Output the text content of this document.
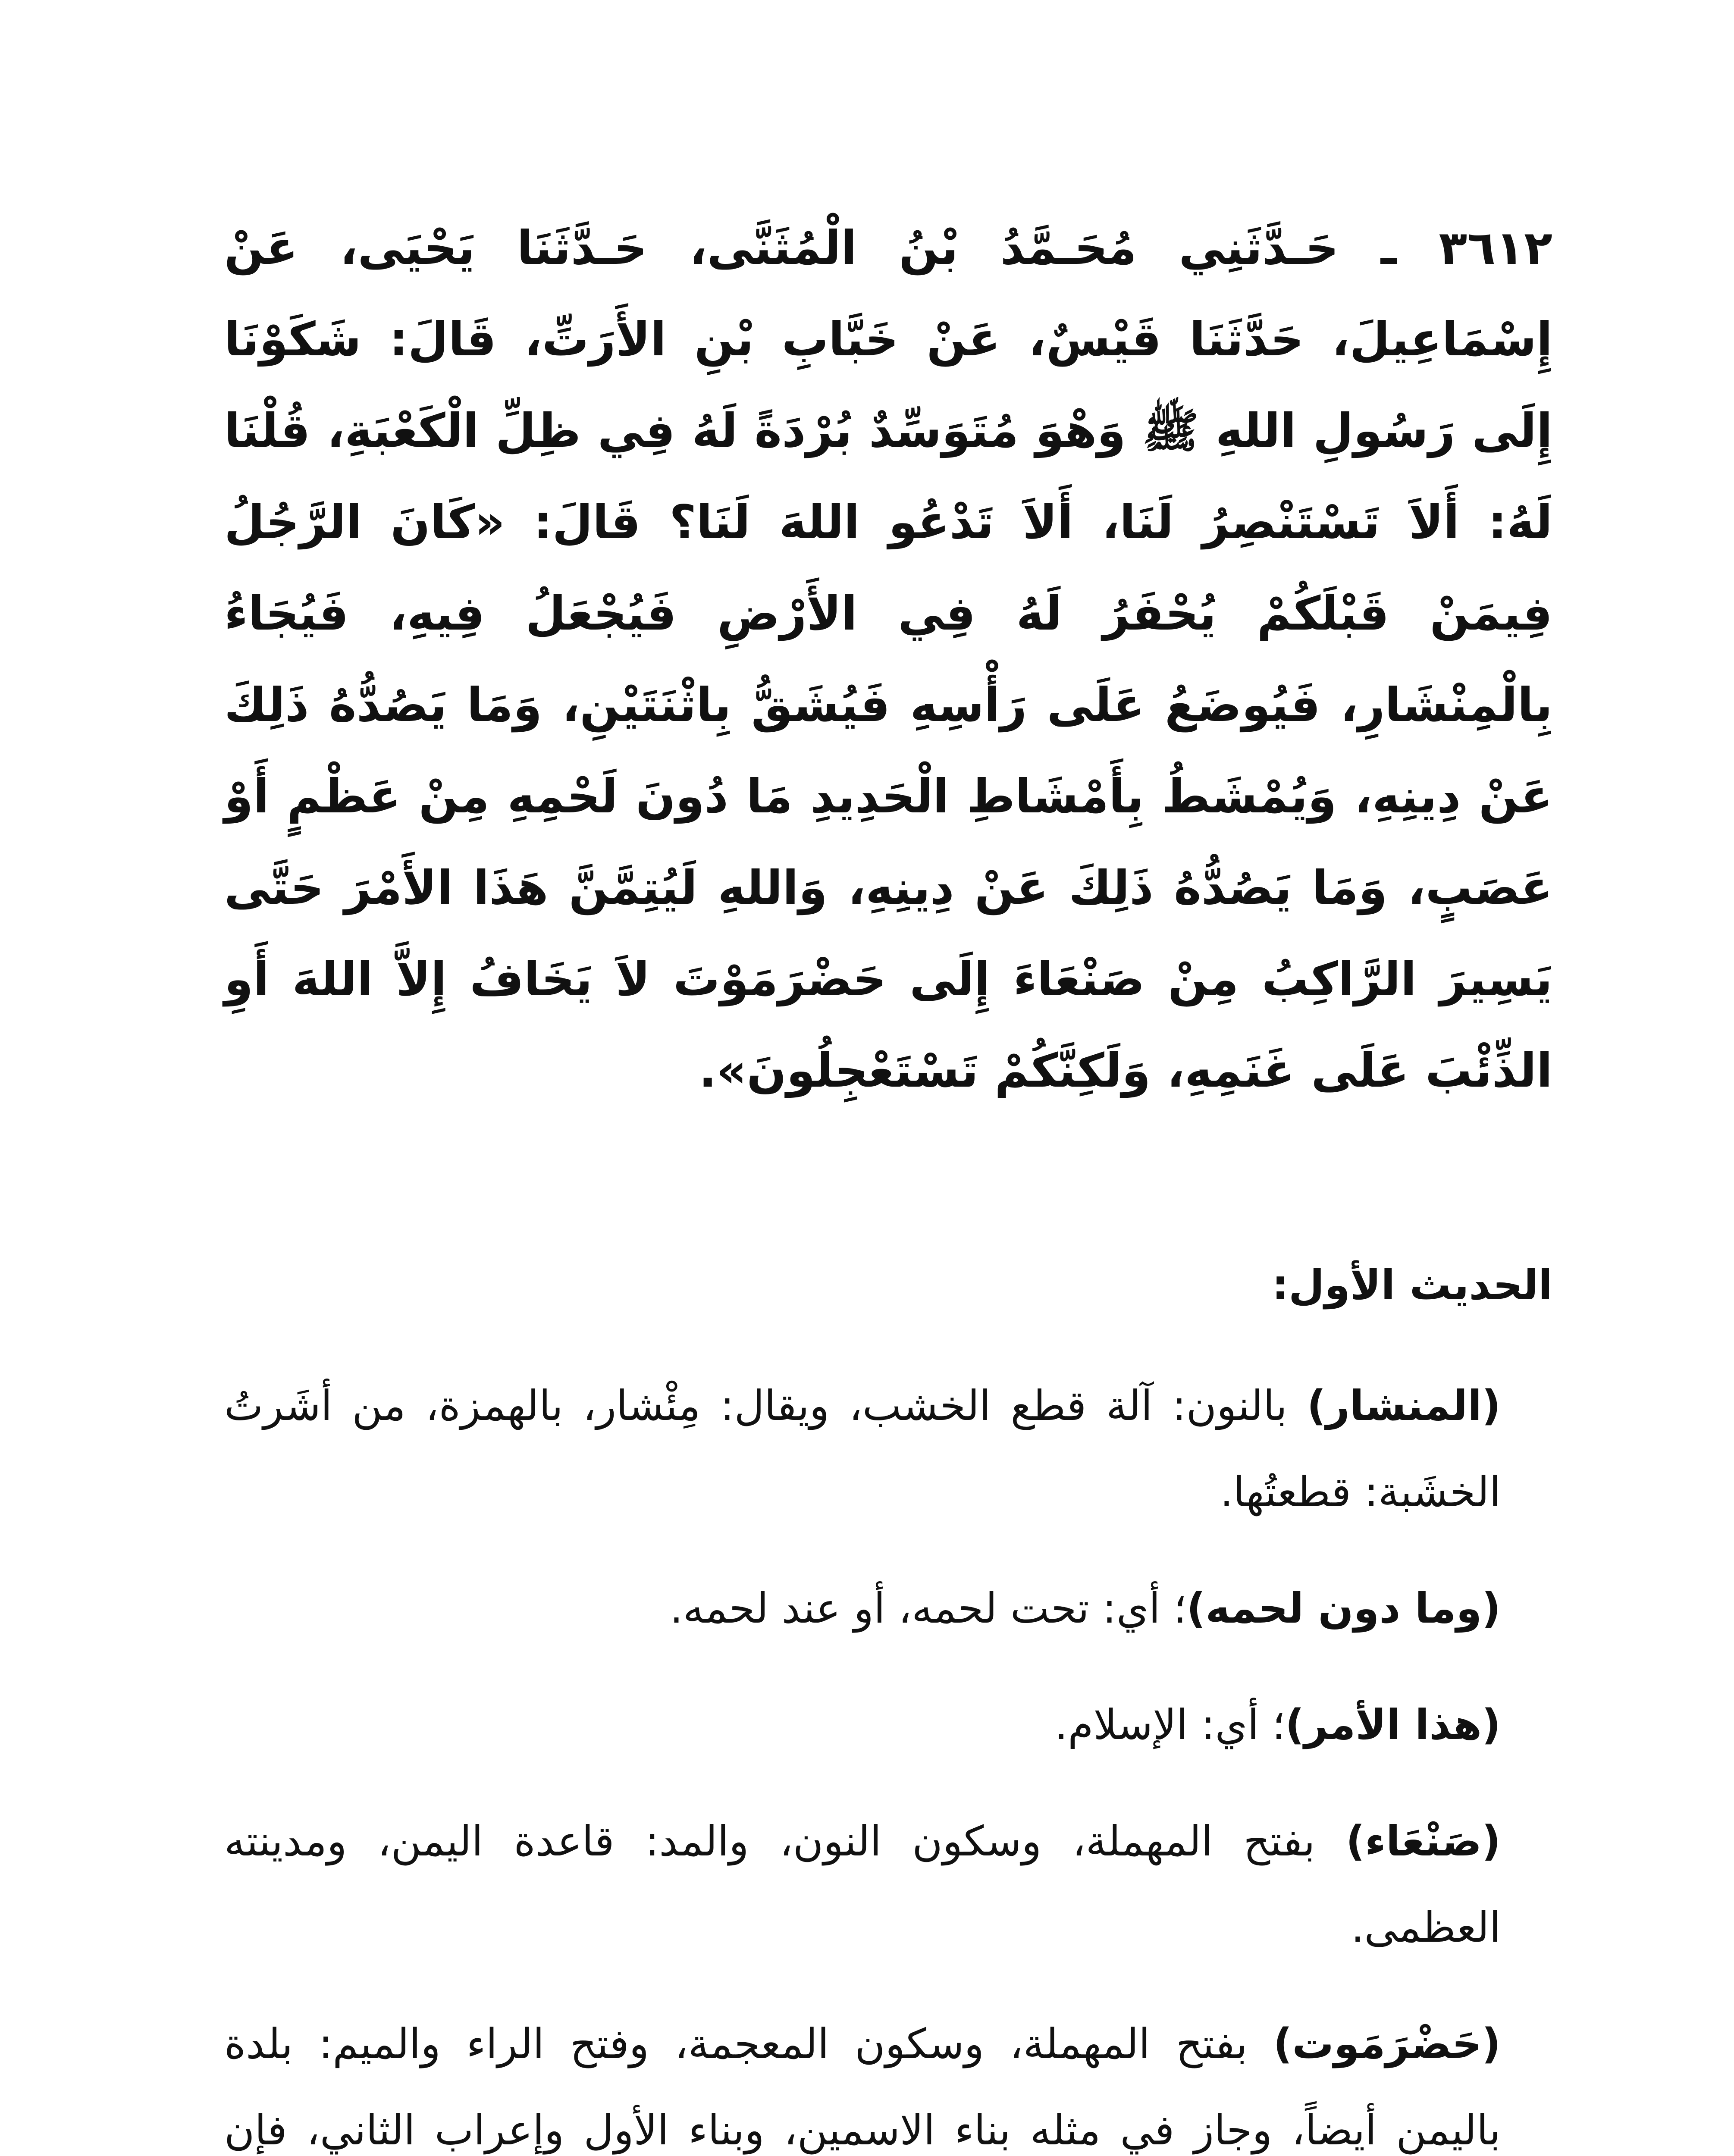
٣٦١٢ ـ حَـدَّثَنِي مُحَـمَّدُ بْنُ الْمُثَنَّى، حَـدَّثَنَا يَحْيَى، عَنْ إِسْمَاعِيلَ، حَدَّثَنَا قَيْسٌ، عَنْ خَبَّابِ بْنِ الأَرَتِّ، قَالَ: شَكَوْنَا إِلَى رَسُولِ اللهِ ﷺ وَهْوَ مُتَوَسِّدٌ بُرْدَةً لَهُ فِي ظِلِّ الْكَعْبَةِ، قُلْنَا لَهُ: أَلاَ تَسْتَنْصِرُ لَنَا، أَلاَ تَدْعُو اللهَ لَنَا؟ قَالَ: «كَانَ الرَّجُلُ فِيمَنْ قَبْلَكُمْ يُحْفَرُ لَهُ فِي الأَرْضِ فَيُجْعَلُ فِيهِ، فَيُجَاءُ بِالْمِنْشَارِ، فَيُوضَعُ عَلَى رَأْسِهِ فَيُشَقُّ بِاثْنَتَيْنِ، وَمَا يَصُدُّهُ ذَلِكَ عَنْ دِينِهِ، وَيُمْشَطُ بِأَمْشَاطِ الْحَدِيدِ مَا دُونَ لَحْمِهِ مِنْ عَظْمٍ أَوْ عَصَبٍ، وَمَا يَصُدُّهُ ذَلِكَ عَنْ دِينِهِ، وَاللهِ لَيُتِمَّنَّ هَذَا الأَمْرَ حَتَّى يَسِيرَ الرَّاكِبُ مِنْ صَنْعَاءَ إِلَى حَضْرَمَوْتَ لاَ يَخَافُ إِلاَّ اللهَ أَوِ الذِّئْبَ عَلَى غَنَمِهِ، وَلَكِنَّكُمْ تَسْتَعْجِلُونَ».

الحديث الأول:

(المنشار) بالنون: آلة قطع الخشب، ويقال: مِئْشار، بالهمزة، من أشَرتُ الخشَبة: قطعتُها.

(وما دون لحمه)؛ أي: تحت لحمه، أو عند لحمه.

(هذا الأمر)؛ أي: الإسلام.

(صَنْعَاء) بفتح المهملة، وسكون النون، والمد: قاعدة اليمن، ومدينته العظمى.

(حَضْرَمَوت) بفتح المهملة، وسكون المعجمة، وفتح الراء والميم: بلدة باليمن أيضاً، وجاز في مثله بناء الاسمين، وبناء الأول وإعراب الثاني، فإن
